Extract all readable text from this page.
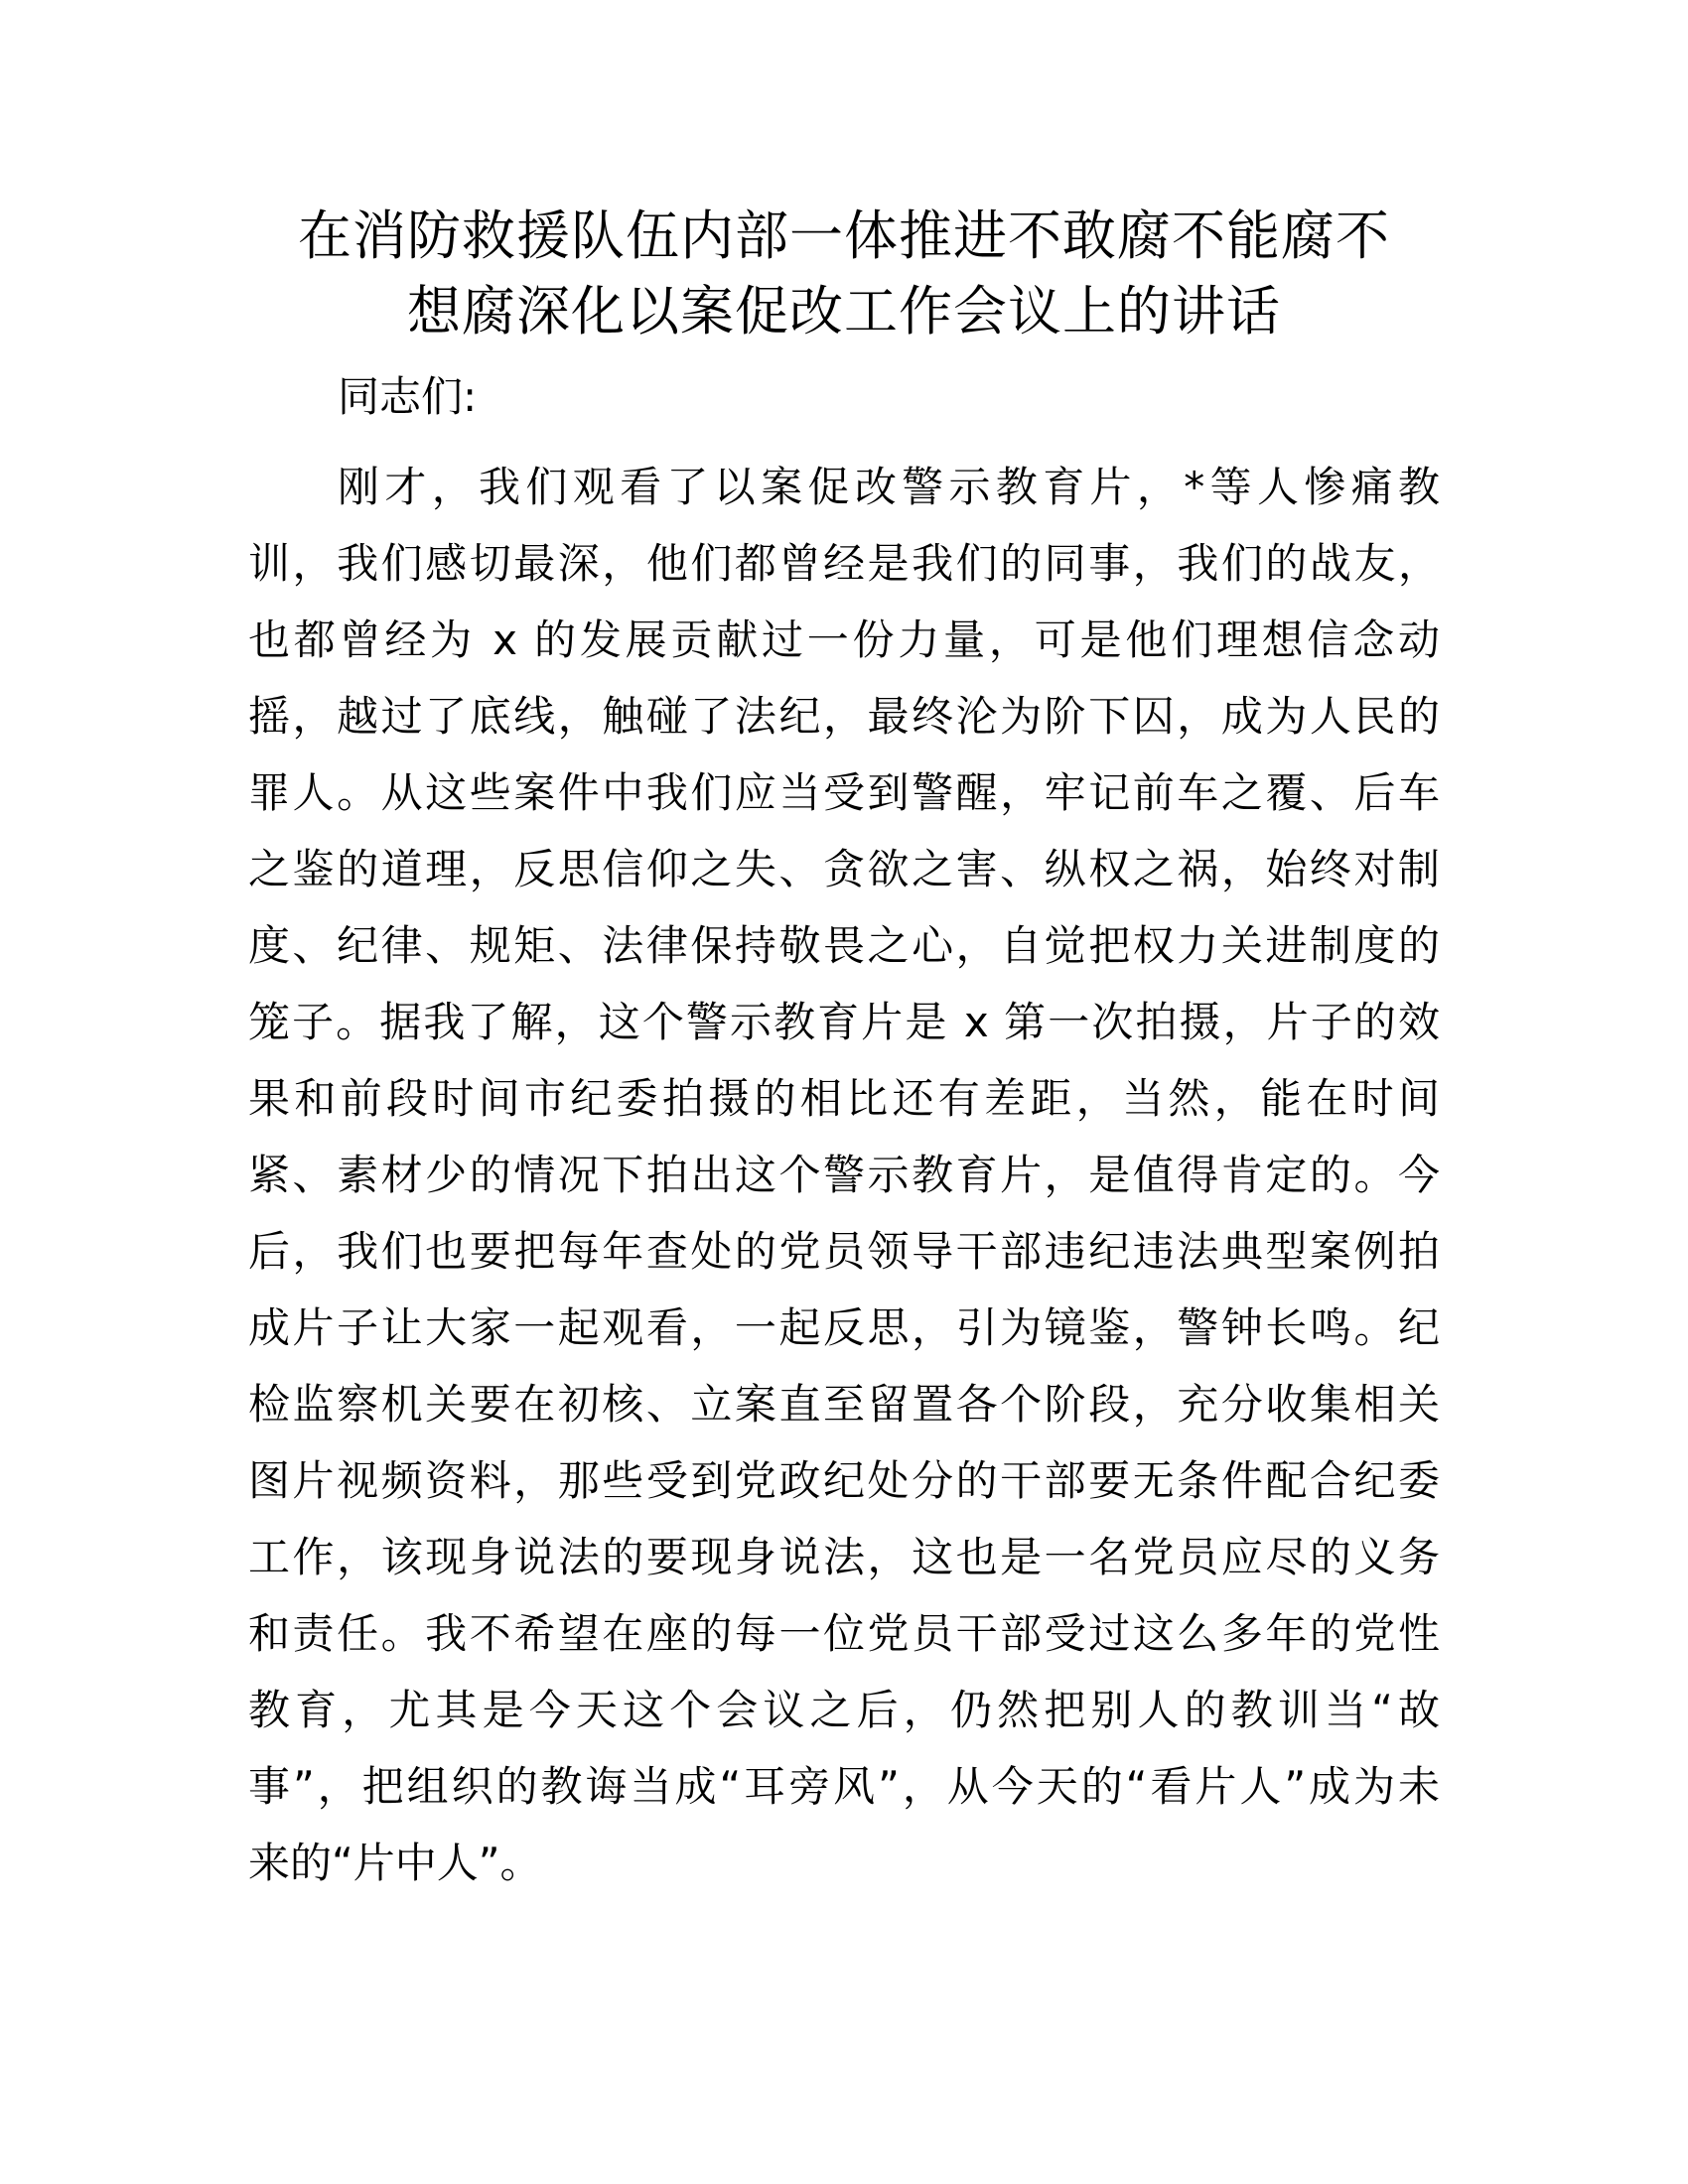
在消防救援队伍内部一体推进不敢腐不能腐不
想腐深化以案促改工作会议上的讲话

同志们:

刚才，我们观看了以案促改警示教育片，*等人惨痛教
训，我们感切最深，他们都曾经是我们的同事，我们的战友，
也都曾经为 x 的发展贡献过一份力量，可是他们理想信念动
摇，越过了底线，触碰了法纪，最终沦为阶下囚，成为人民的
罪人。从这些案件中我们应当受到警醒，牢记前车之覆、后车
之鉴的道理，反思信仰之失、贪欲之害、纵权之祸，始终对制
度、纪律、规矩、法律保持敬畏之心，自觉把权力关进制度的
笼子。据我了解，这个警示教育片是 x 第一次拍摄，片子的效
果和前段时间市纪委拍摄的相比还有差距，当然，能在时间
紧、素材少的情况下拍出这个警示教育片，是值得肯定的。今
后，我们也要把每年查处的党员领导干部违纪违法典型案例拍
成片子让大家一起观看，一起反思，引为镜鉴，警钟长鸣。纪
检监察机关要在初核、立案直至留置各个阶段，充分收集相关
图片视频资料，那些受到党政纪处分的干部要无条件配合纪委
工作，该现身说法的要现身说法，这也是一名党员应尽的义务
和责任。我不希望在座的每一位党员干部受过这么多年的党性
教育，尤其是今天这个会议之后，仍然把别人的教训当“故
事”，把组织的教诲当成“耳旁风”，从今天的“看片人”成为未
来的“片中人”。
